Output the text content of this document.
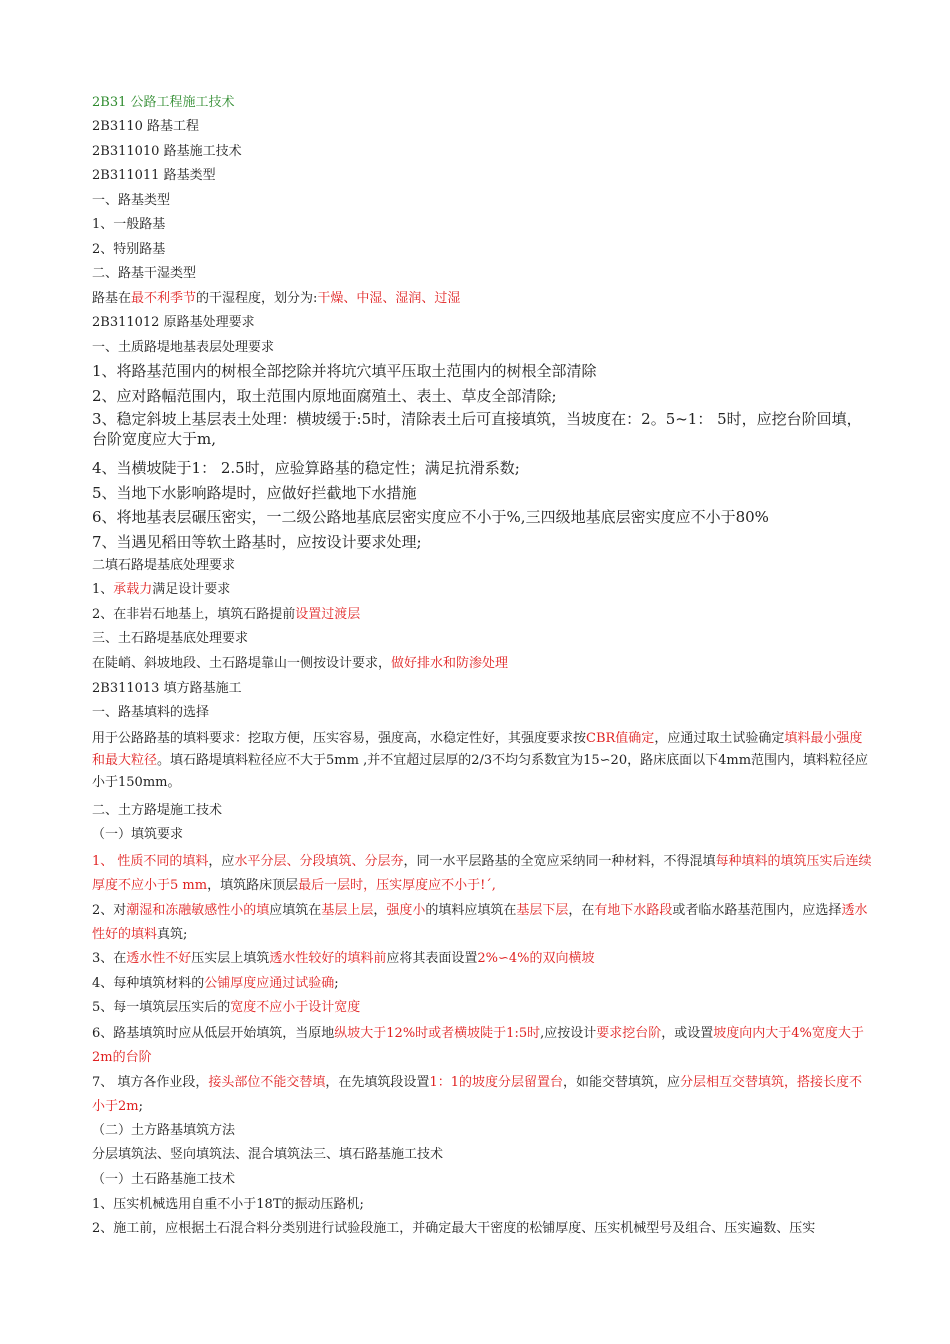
2B31 公路工程施工技术
2B3110 路基工程
2B311010 路基施工技术
2B311011 路基类型
一、路基类型
1、一般路基
2、特别路基
二、路基干湿类型
路基在最不利季节的干湿程度，划分为:干燥、中湿、湿润、过湿
2B311012 原路基处理要求
一、土质路堤地基表层处理要求
1、将路基范围内的树根全部挖除并将坑穴填平压取土范围内的树根全部清除
2、应对路幅范围内，取土范围内原地面腐殖土、表土、草皮全部清除;
3、稳定斜坡上基层表土处理：横坡缓于:5时，清除表土后可直接填筑，当坡度在：2。5~1： 5时，应挖台阶回填，台阶宽度应大于m,
4、当横坡陡于1： 2.5时，应验算路基的稳定性；满足抗滑系数;
5、当地下水影响路堤时，应做好拦截地下水措施
6、将地基表层碾压密实，一二级公路地基底层密实度应不小于%,三四级地基底层密实度应不小于80%
7、当遇见稻田等软土路基时，应按设计要求处理;
二填石路堤基底处理要求
1、承载力满足设计要求
2、在非岩石地基上，填筑石路提前设置过渡层
三、土石路堤基底处理要求
在陡峭、斜坡地段、土石路堤靠山一侧按设计要求，做好排水和防渗处理
2B311013 填方路基施工
一、路基填料的选择
用于公路路基的填料要求：挖取方便，压实容易，强度高，水稳定性好，其强度要求按CBR值确定，应通过取土试验确定填料最小强度和最大粒径。填石路堤填料粒径应不大于5mm ,并不宜超过层厚的2/3不均匀系数宜为15∽20，路床底面以下4mm范围内，填料粒径应小于150mm。
二、土方路堤施工技术
（一）填筑要求
1、 性质不同的填料，应水平分层、分段填筑、分层夯，同一水平层路基的全宽应采纳同一种材料，不得混填每种填料的填筑压实后连续厚度不应小于5 mm，填筑路床顶层最后一层时，压实厚度应不小于!ˊ,
2、对潮湿和冻融敏感性小的填应填筑在基层上层，强度小的填料应填筑在基层下层，在有地下水路段或者临水路基范围内，应选择透水性好的填料真筑;
3、在透水性不好压实层上填筑透水性较好的填料前应将其表面设置2%∽4%的双向横坡
4、每种填筑材料的公铺厚度应通过试验确;
5、每一填筑层压实后的宽度不应小于设计宽度
6、路基填筑时应从低层开始填筑，当原地纵坡大于12%时或者横坡陡于1:5时,应按设计要求挖台阶，或设置坡度向内大于4%宽度大于2m的台阶
7、 填方各作业段，接头部位不能交替填，在先填筑段设置1：1的坡度分层留置台，如能交替填筑，应分层相互交替填筑，搭接长度不小于2m;
（二）土方路基填筑方法
分层填筑法、竖向填筑法、混合填筑法三、填石路基施工技术
（一）土石路基施工技术
1、压实机械选用自重不小于18T的振动压路机;
2、施工前，应根据土石混合料分类别进行试验段施工，并确定最大干密度的松铺厚度、压实机械型号及组合、压实遍数、压实
